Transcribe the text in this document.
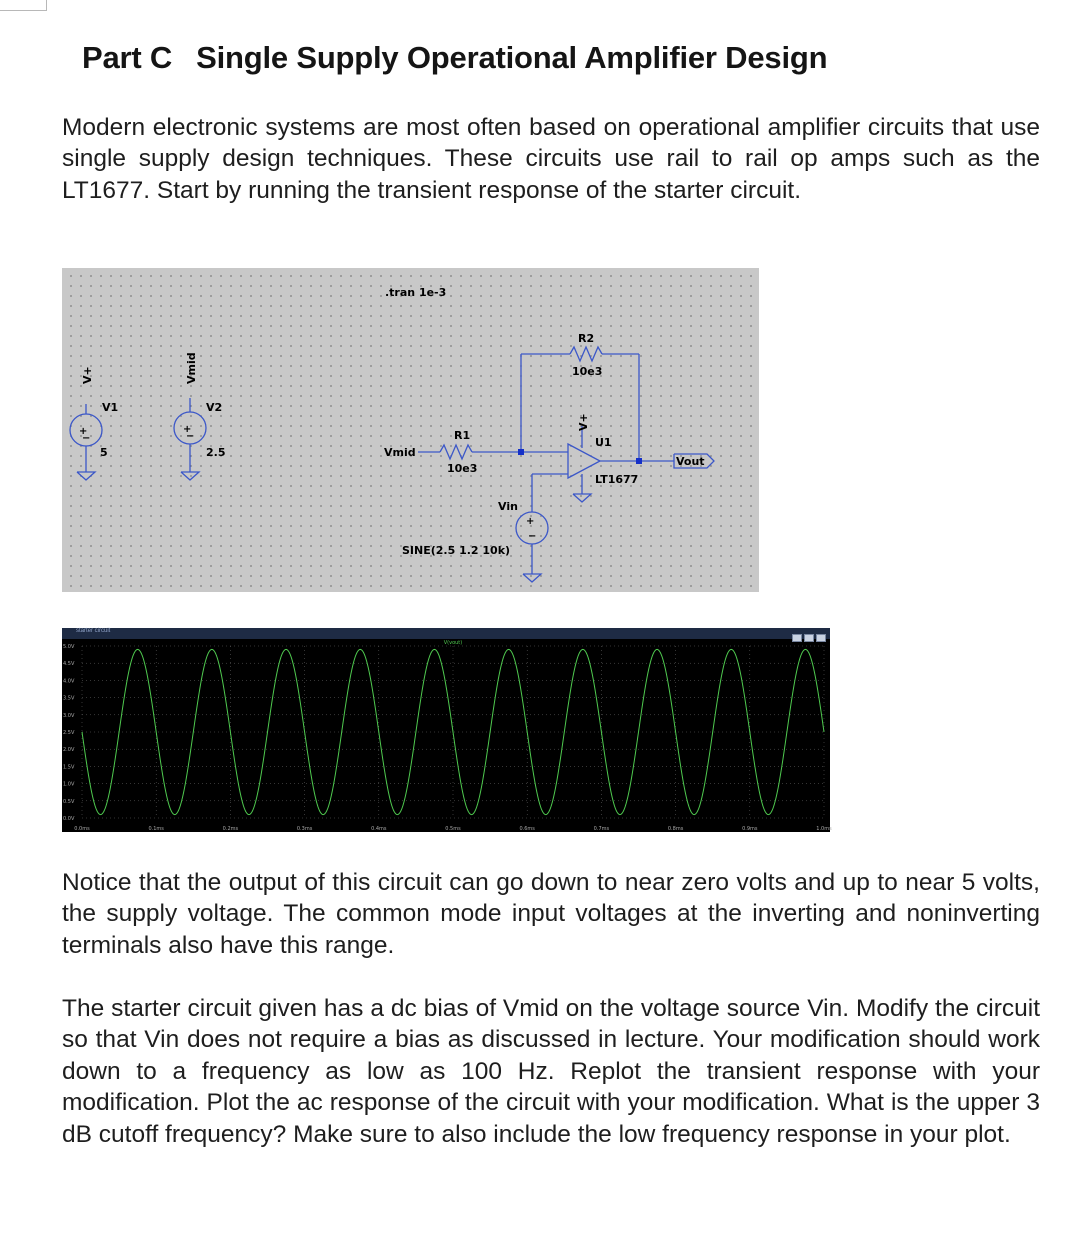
Part C Single Supply Operational Amplifier Design

Modern electronic systems are most often based on operational amplifier circuits that use single supply design techniques. These circuits use rail to rail op amps such as the LT1677. Start by running the transient response of the starter circuit.

.tran 1e-3
V+
V1
+
−
5
Vmid
V2
+
−
2.5
R1
10e3
Vmid
R2
10e3
U1
LT1677
V+
Vin
+
−
SINE(2.5 1.2 10k)
Vout
starter circuit
5.0V
4.5V
4.0V
3.5V
3.0V
2.5V
2.0V
1.5V
1.0V
0.5V
0.0V
0.0ms	0.1ms	0.2ms	0.3ms	0.4ms	0.5ms	0.6ms	0.7ms	0.8ms	0.9ms	1.0ms
V(vout)

Notice that the output of this circuit can go down to near zero volts and up to near 5 volts, the supply voltage. The common mode input voltages at the inverting and noninverting terminals also have this range.

The starter circuit given has a dc bias of Vmid on the voltage source Vin. Modify the circuit so that Vin does not require a bias as discussed in lecture. Your modification should work down to a frequency as low as 100 Hz. Replot the transient response with your modification. Plot the ac response of the circuit with your modification. What is the upper 3 dB cutoff frequency? Make sure to also include the low frequency response in your plot.
